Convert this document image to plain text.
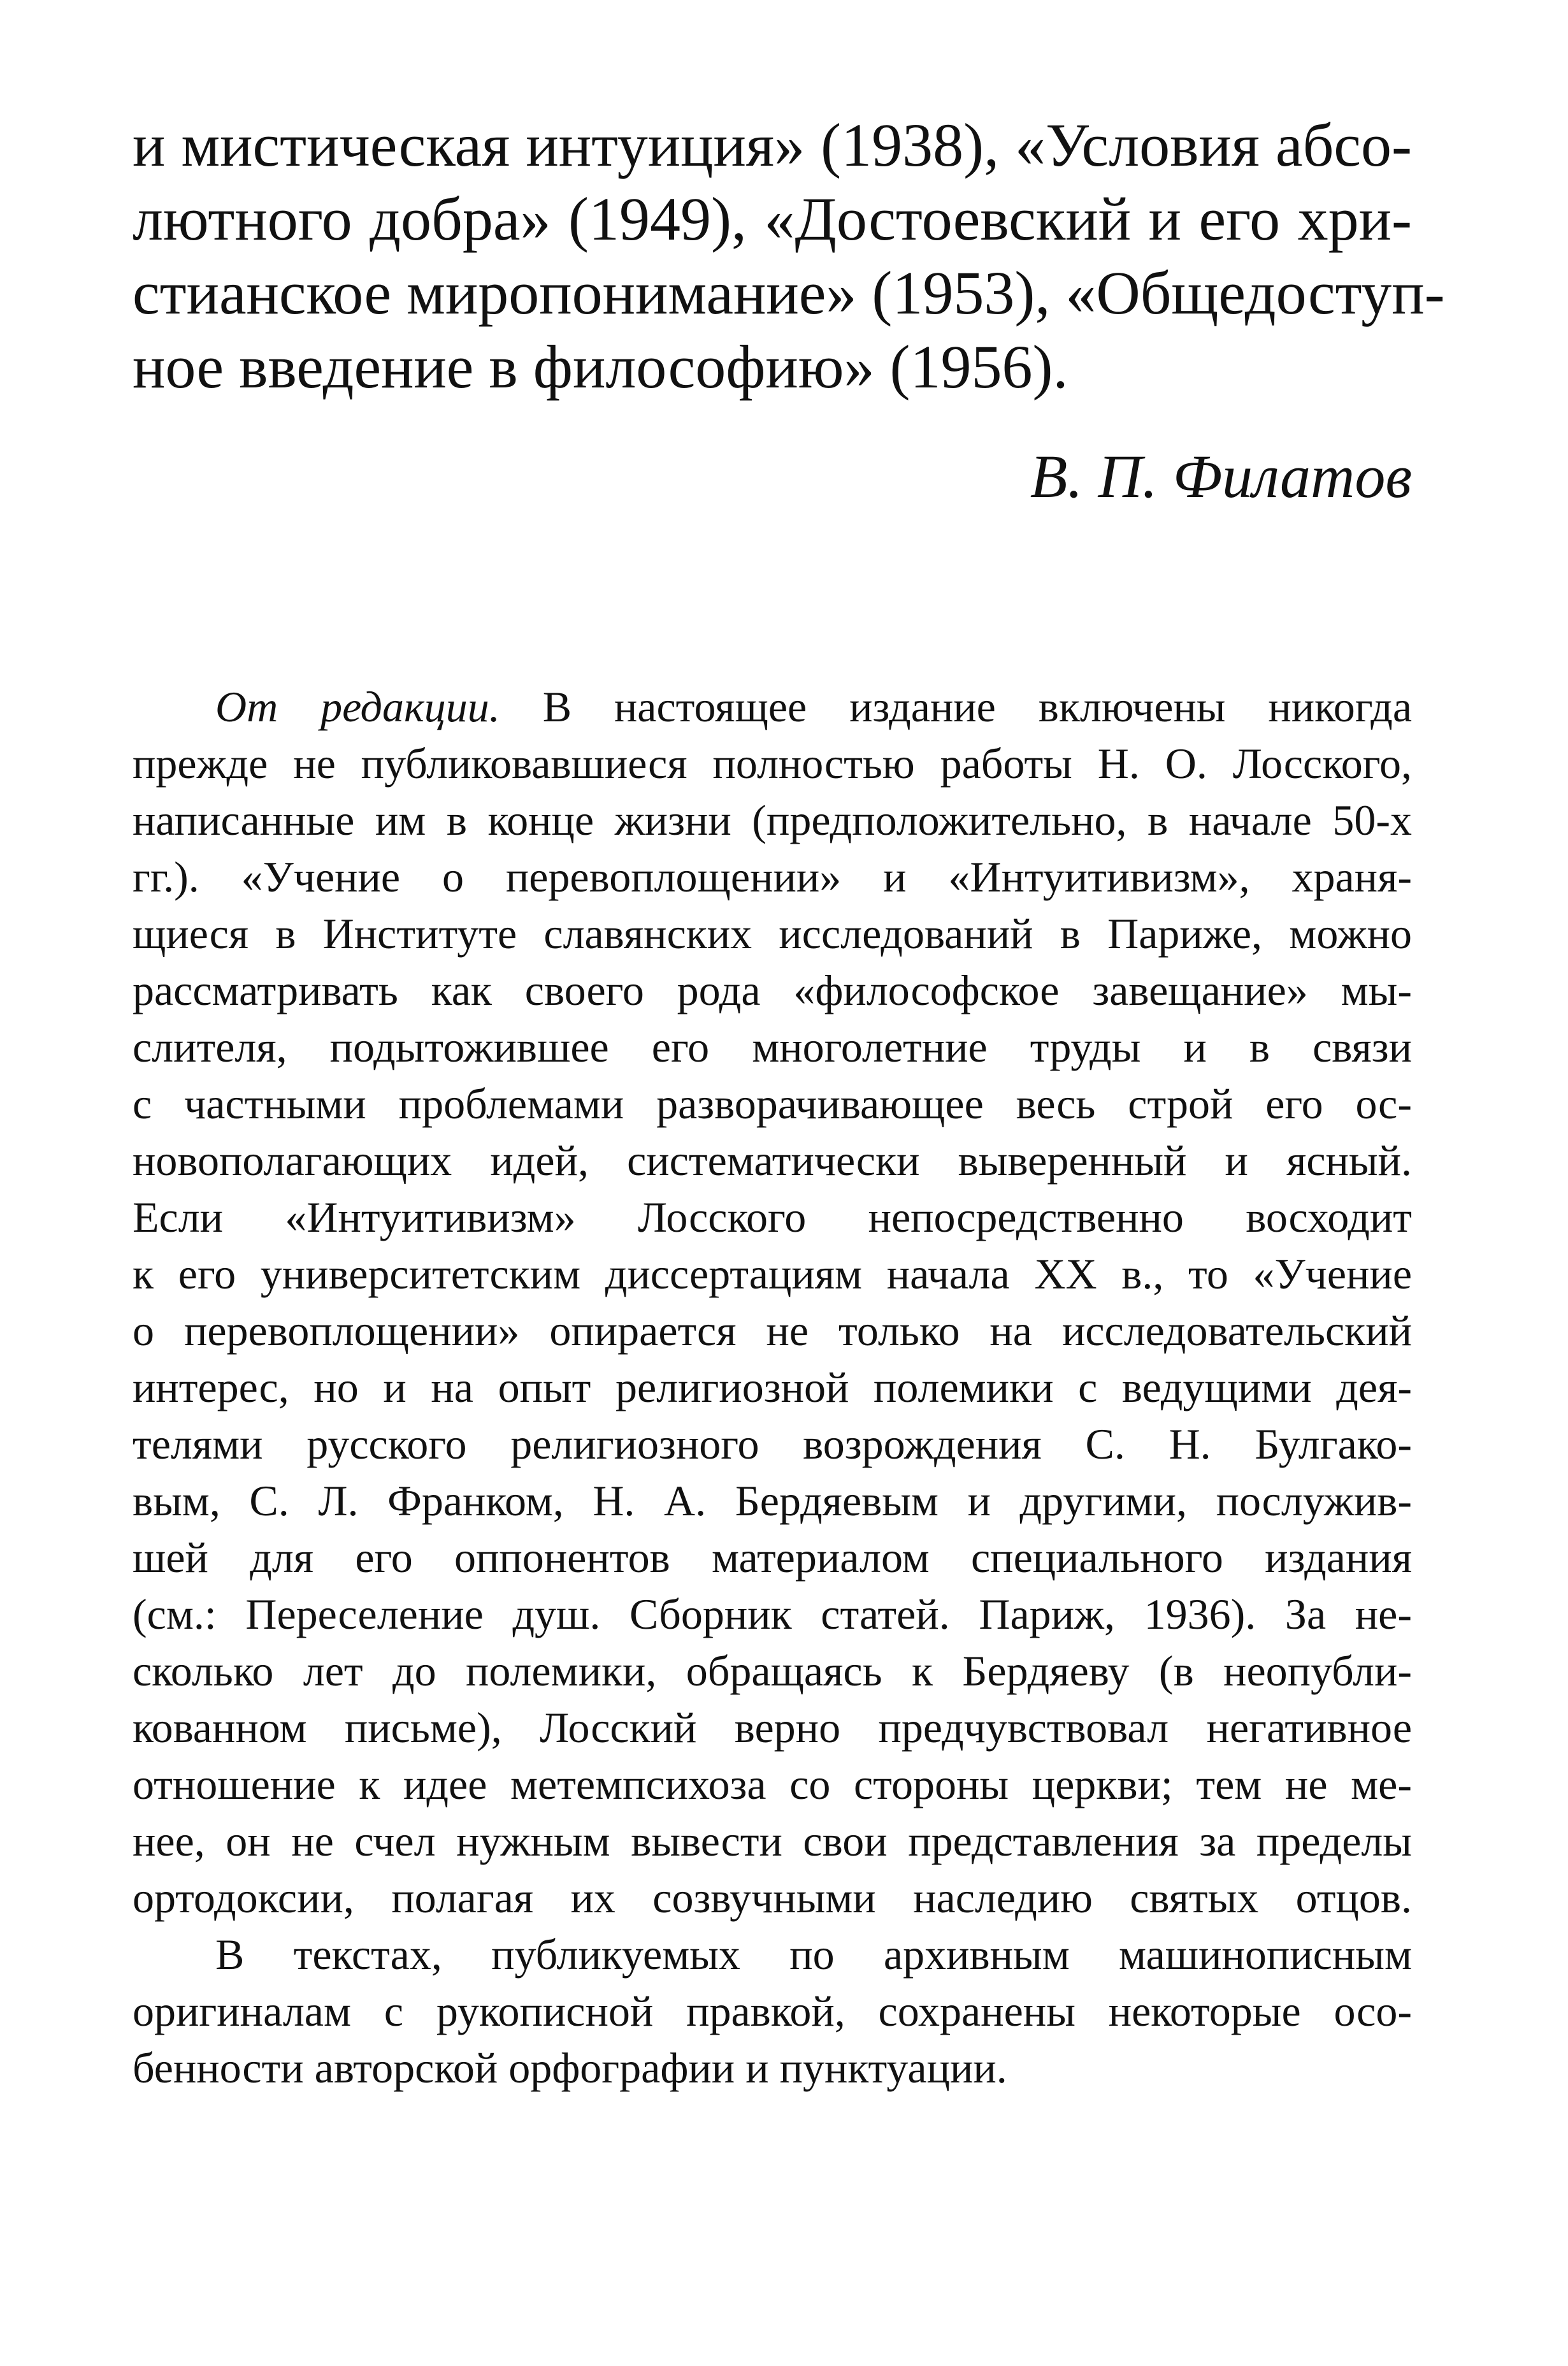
и мистическая интуиция» (1938), «Условия абсо-
лютного добра» (1949), «Достоевский и его хри-
стианское миропонимание» (1953), «Общедоступ-
ное введение в философию» (1956).
В. П. Филатов
От редакции. В настоящее издание включены никогда
прежде не публиковавшиеся полностью работы Н. О. Лосского,
написанные им в конце жизни (предположительно, в начале 50-х
гг.). «Учение о перевоплощении» и «Интуитивизм», храня-
щиеся в Институте славянских исследований в Париже, можно
рассматривать как своего рода «философское завещание» мы-
слителя, подытожившее его многолетние труды и в связи
с частными проблемами разворачивающее весь строй его ос-
новополагающих идей, систематически выверенный и ясный.
Если «Интуитивизм» Лосского непосредственно восходит
к его университетским диссертациям начала XX в., то «Учение
о перевоплощении» опирается не только на исследовательский
интерес, но и на опыт религиозной полемики с ведущими дея-
телями русского религиозного возрождения С. Н. Булгако-
вым, С. Л. Франком, Н. А. Бердяевым и другими, послужив-
шей для его оппонентов материалом специального издания
(см.: Переселение душ. Сборник статей. Париж, 1936). За не-
сколько лет до полемики, обращаясь к Бердяеву (в неопубли-
кованном письме), Лосский верно предчувствовал негативное
отношение к идее метемпсихоза со стороны церкви; тем не ме-
нее, он не счел нужным вывести свои представления за пределы
ортодоксии, полагая их созвучными наследию святых отцов.
В текстах, публикуемых по архивным машинописным
оригиналам с рукописной правкой, сохранены некоторые осо-
бенности авторской орфографии и пунктуации.
